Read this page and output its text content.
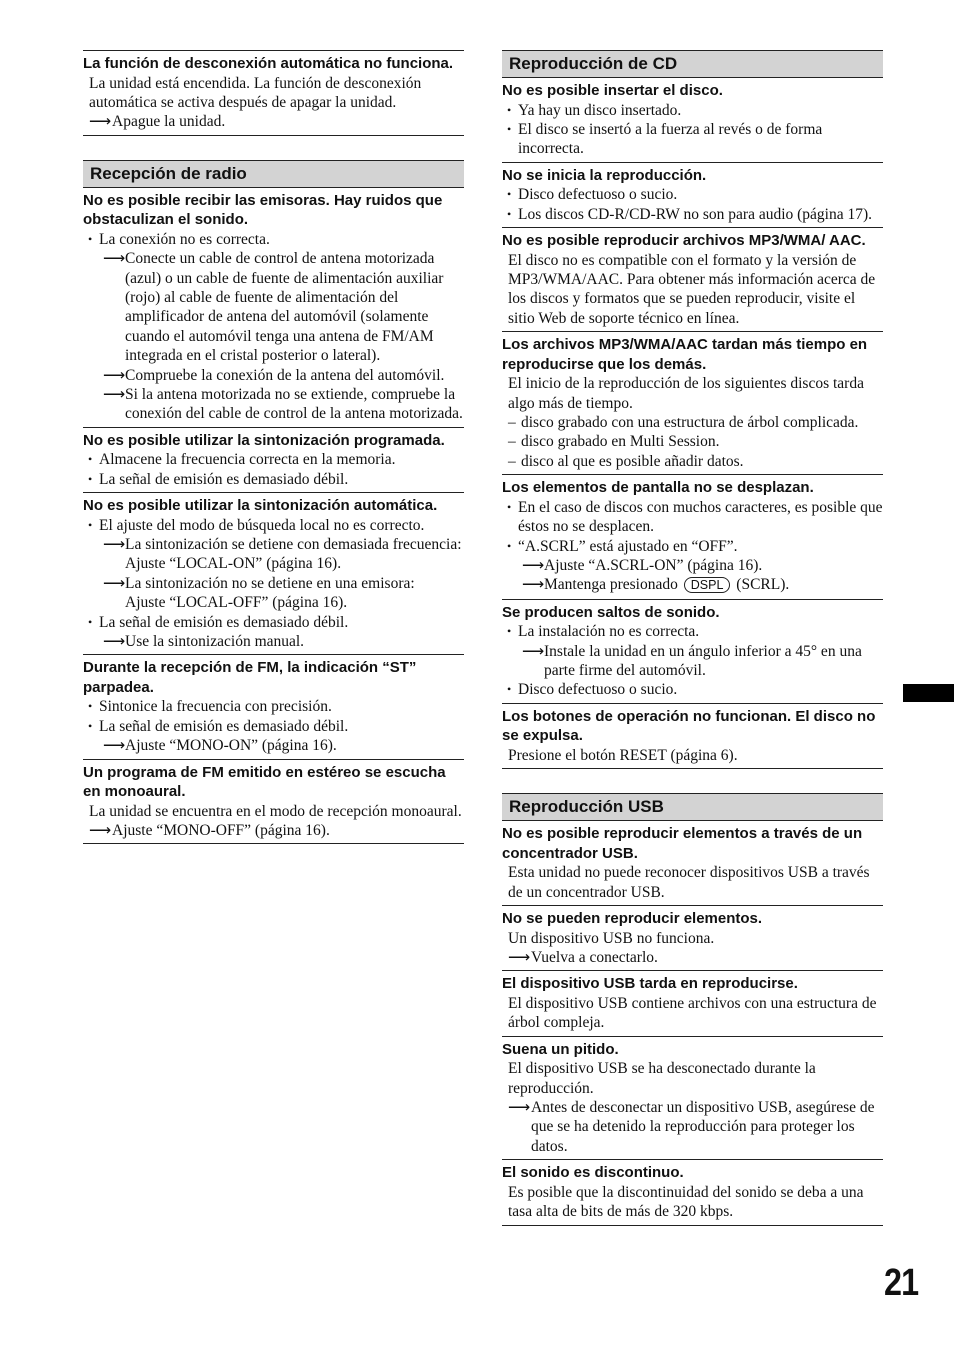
La función de desconexión automática no funciona.
La unidad está encendida. La función de desconexión automática se activa después de apagar la unidad.
⟶ Apague la unidad.
Recepción de radio
No es posible recibir las emisoras. Hay ruidos que obstaculizan el sonido.
• La conexión no es correcta.
⟶ Conecte un cable de control de antena motorizada (azul) o un cable de fuente de alimentación auxiliar (rojo) al cable de fuente de alimentación del amplificador de antena del automóvil (solamente cuando el automóvil tenga una antena de FM/AM integrada en el cristal posterior o lateral).
⟶ Compruebe la conexión de la antena del automóvil.
⟶ Si la antena motorizada no se extiende, compruebe la conexión del cable de control de la antena motorizada.
No es posible utilizar la sintonización programada.
• Almacene la frecuencia correcta en la memoria.
• La señal de emisión es demasiado débil.
No es posible utilizar la sintonización automática.
• El ajuste del modo de búsqueda local no es correcto.
⟶ La sintonización se detiene con demasiada frecuencia:
Ajuste “LOCAL-ON” (página 16).
⟶ La sintonización no se detiene en una emisora:
Ajuste “LOCAL-OFF” (página 16).
• La señal de emisión es demasiado débil.
⟶ Use la sintonización manual.
Durante la recepción de FM, la indicación “ST” parpadea.
• Sintonice la frecuencia con precisión.
• La señal de emisión es demasiado débil.
⟶ Ajuste “MONO-ON” (página 16).
Un programa de FM emitido en estéreo se escucha en monoaural.
La unidad se encuentra en el modo de recepción monoaural.
⟶ Ajuste “MONO-OFF” (página 16).
Reproducción de CD
No es posible insertar el disco.
• Ya hay un disco insertado.
• El disco se insertó a la fuerza al revés o de forma incorrecta.
No se inicia la reproducción.
• Disco defectuoso o sucio.
• Los discos CD-R/CD-RW no son para audio (página 17).
No es posible reproducir archivos MP3/WMA/ AAC.
El disco no es compatible con el formato y la versión de MP3/WMA/AAC. Para obtener más información acerca de los discos y formatos que se pueden reproducir, visite el sitio Web de soporte técnico en línea.
Los archivos MP3/WMA/AAC tardan más tiempo en reproducirse que los demás.
El inicio de la reproducción de los siguientes discos tarda algo más de tiempo.
– disco grabado con una estructura de árbol complicada.
– disco grabado en Multi Session.
– disco al que es posible añadir datos.
Los elementos de pantalla no se desplazan.
• En el caso de discos con muchos caracteres, es posible que éstos no se desplacen.
• “A.SCRL” está ajustado en “OFF”.
⟶ Ajuste “A.SCRL-ON” (página 16).
⟶ Mantenga presionado DSPL (SCRL).
Se producen saltos de sonido.
• La instalación no es correcta.
⟶ Instale la unidad en un ángulo inferior a 45° en una parte firme del automóvil.
• Disco defectuoso o sucio.
Los botones de operación no funcionan. El disco no se expulsa.
Presione el botón RESET (página 6).
Reproducción USB
No es posible reproducir elementos a través de un concentrador USB.
Esta unidad no puede reconocer dispositivos USB a través de un concentrador USB.
No se pueden reproducir elementos.
Un dispositivo USB no funciona.
⟶ Vuelva a conectarlo.
El dispositivo USB tarda en reproducirse.
El dispositivo USB contiene archivos con una estructura de árbol compleja.
Suena un pitido.
El dispositivo USB se ha desconectado durante la reproducción.
⟶ Antes de desconectar un dispositivo USB, asegúrese de que se ha detenido la reproducción para proteger los datos.
El sonido es discontinuo.
Es posible que la discontinuidad del sonido se deba a una tasa alta de bits de más de 320 kbps.
21
